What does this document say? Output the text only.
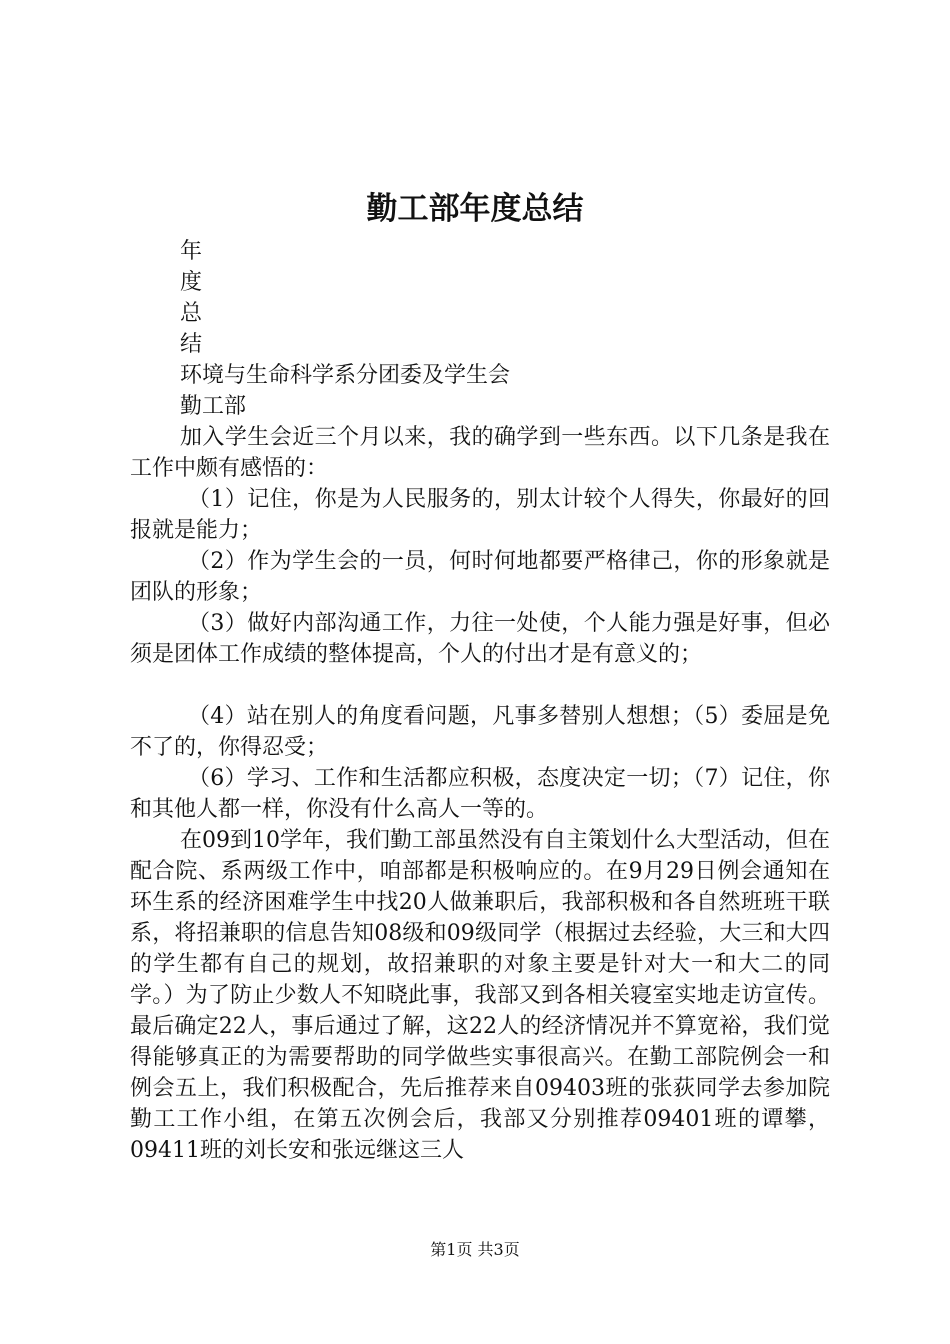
勤工部年度总结
年
度
总
结
环境与生命科学系分团委及学生会
勤工部

加入学生会近三个月以来，我的确学到一些东西。以下几条是我在工作中颇有感悟的：

（1）记住，你是为人民服务的，别太计较个人得失，你最好的回报就是能力；

（2）作为学生会的一员，何时何地都要严格律己，你的形象就是团队的形象；

（3）做好内部沟通工作，力往一处使，个人能力强是好事，但必须是团体工作成绩的整体提高，个人的付出才是有意义的；

（4）站在别人的角度看问题，凡事多替别人想想；（5）委屈是免不了的，你得忍受；

（6）学习、工作和生活都应积极，态度决定一切；（7）记住，你和其他人都一样，你没有什么高人一等的。

在09到10学年，我们勤工部虽然没有自主策划什么大型活动，但在配合院、系两级工作中，咱部都是积极响应的。在9月29日例会通知在环生系的经济困难学生中找20人做兼职后，我部积极和各自然班班干联系，将招兼职的信息告知08级和09级同学（根据过去经验，大三和大四的学生都有自己的规划，故招兼职的对象主要是针对大一和大二的同学。）为了防止少数人不知晓此事，我部又到各相关寝室实地走访宣传。最后确定22人，事后通过了解，这22人的经济情况并不算宽裕，我们觉得能够真正的为需要帮助的同学做些实事很高兴。在勤工部院例会一和例会五上，我们积极配合，先后推荐来自09403班的张荻同学去参加院勤工工作小组，在第五次例会后，我部又分别推荐09401班的谭攀，09411班的刘长安和张远继这三人

第1页 共3页
